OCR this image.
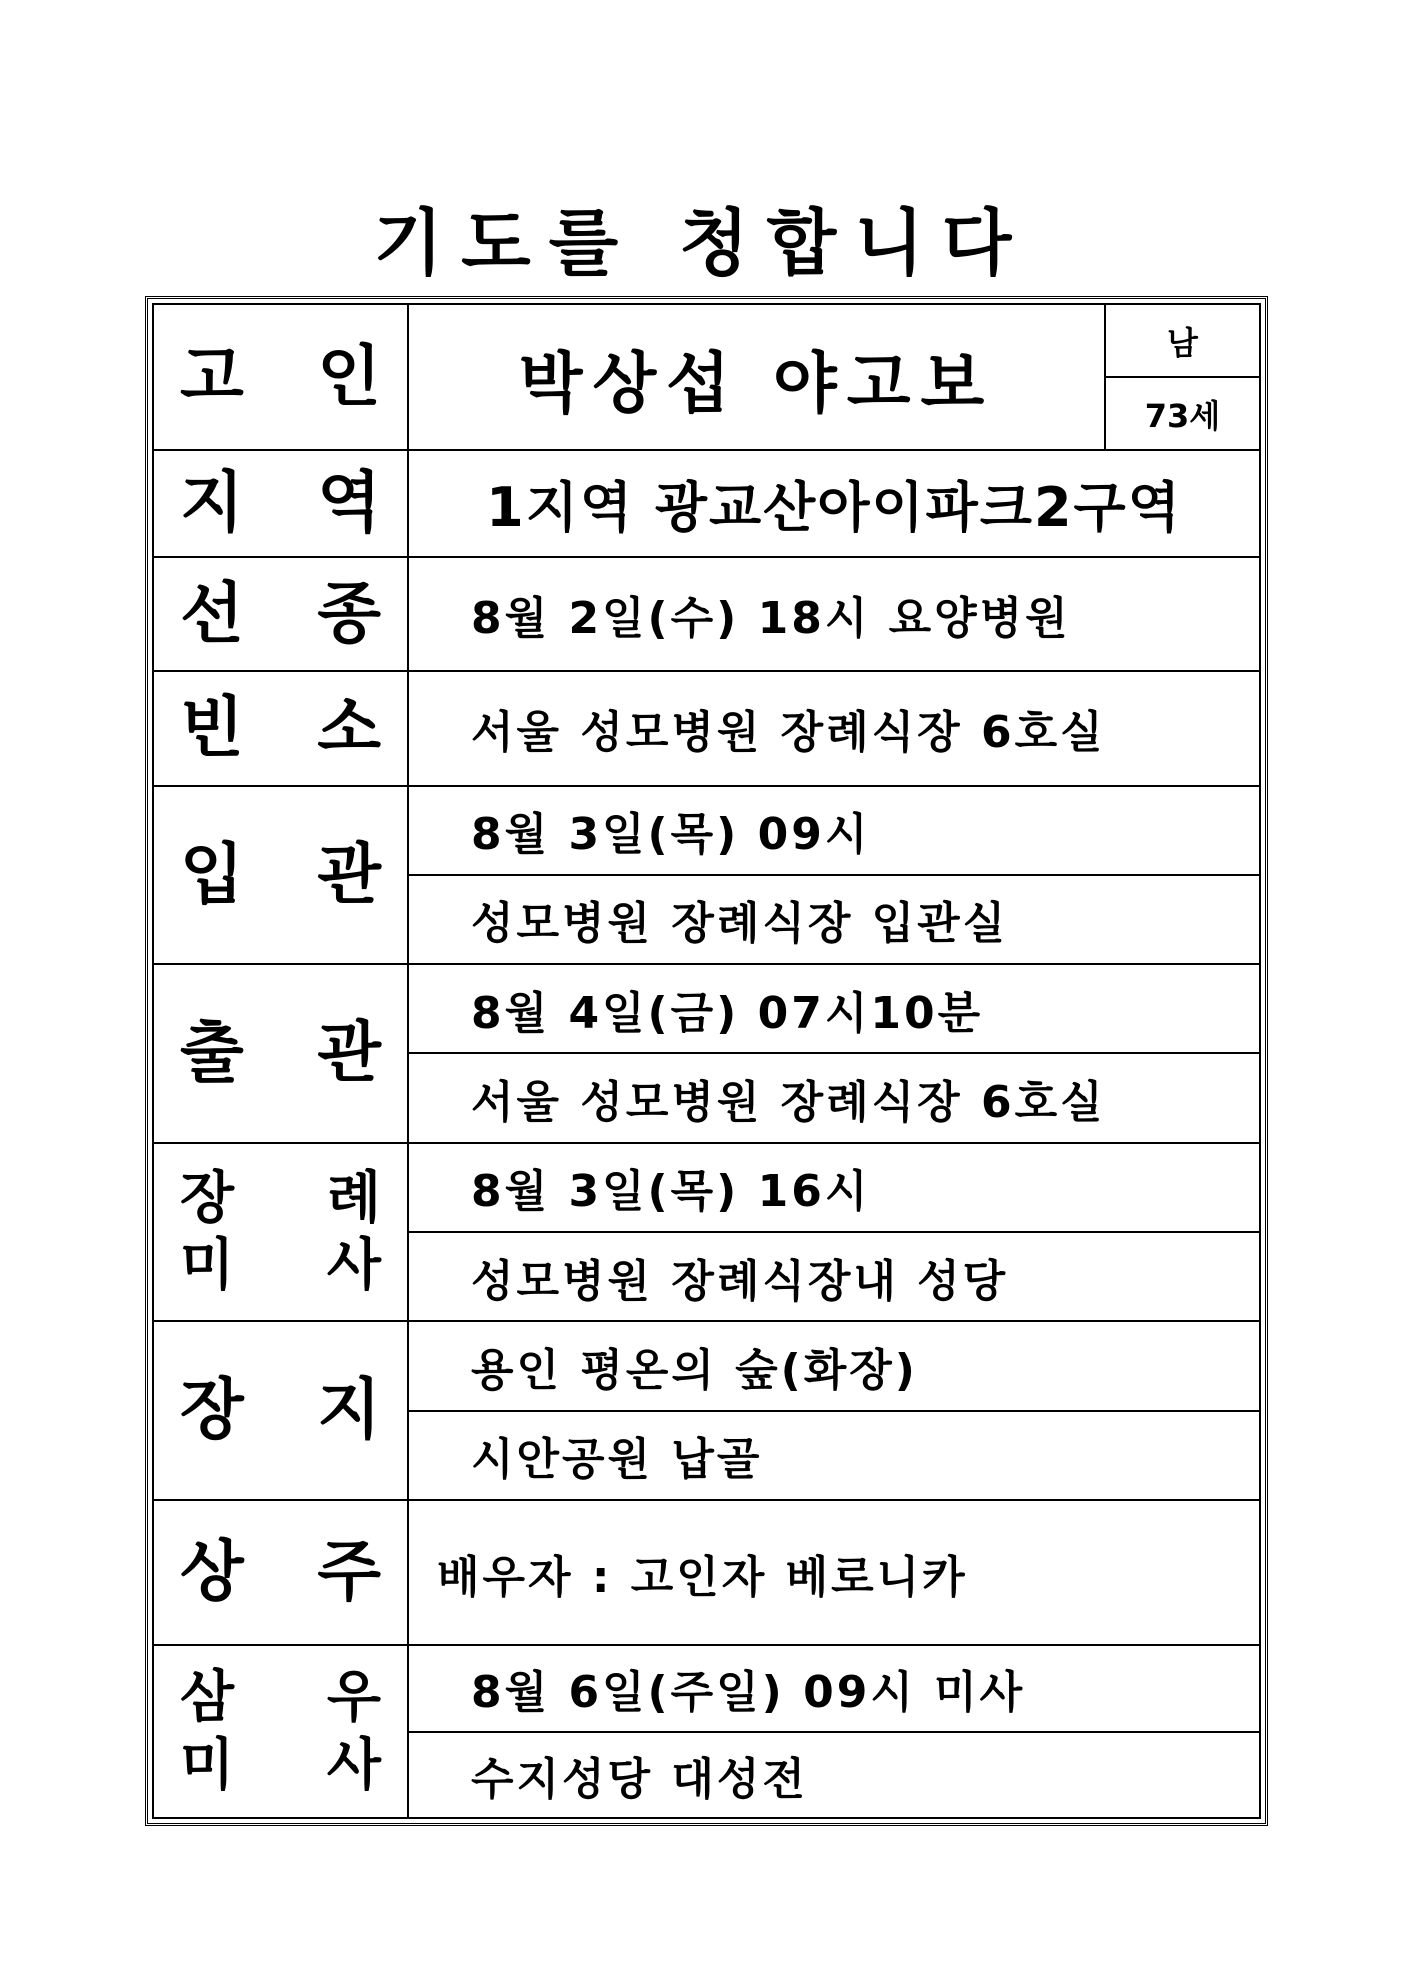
기도를 청합니다
고 인	박상섭 야고보	남
		73세
지 역	1지역 광교산아이파크2구역	
선 종	8월 2일(수) 18시 요양병원	
빈 소	서울 성모병원 장례식장 6호실	
입 관	8월 3일(목) 09시	
	성모병원 장례식장 입관실	
출 관	8월 4일(금) 07시10분	
	서울 성모병원 장례식장 6호실	

장 례
미 사	8월 3일(목) 16시	
	성모병원 장례식장내 성당	
장 지	용인 평온의 숲(화장)	
	시안공원 납골	
상 주	배우자 : 고인자 베로니카	

삼 우
미 사	8월 6일(주일) 09시 미사	
	수지성당 대성전	
